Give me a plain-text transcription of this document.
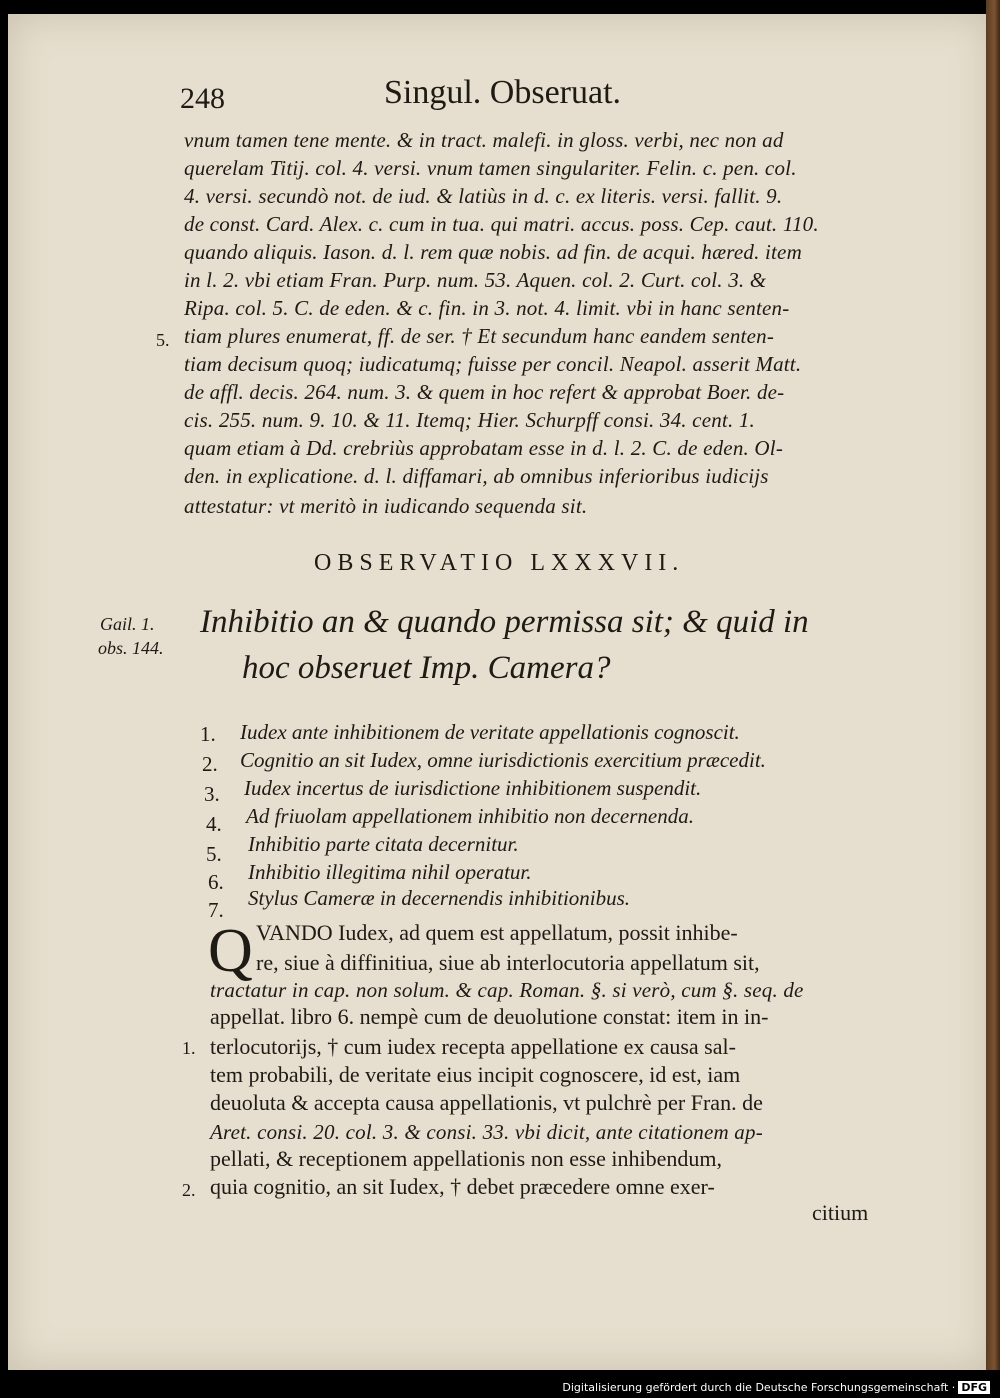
248	Singul. Obseruat.
vnum tamen tene mente. & in tract. malefi. in gloss. verbi, nec non ad
querelam Titij. col. 4. versi. vnum tamen singulariter. Felin. c. pen. col.
4. versi. secundò not. de iud. & latiùs in d. c. ex literis. versi. fallit. 9.
de const. Card. Alex. c. cum in tua. qui matri. accus. poss. Cep. caut. 110.
quando aliquis. Iason. d. l. rem quæ nobis. ad fin. de acqui. hæred. item
in l. 2. vbi etiam Fran. Purp. num. 53. Aquen. col. 2. Curt. col. 3. &
Ripa. col. 5. C. de eden. & c. fin. in 3. not. 4. limit. vbi in hanc senten-
tiam plures enumerat, ff. de ser. † Et secundum hanc eandem senten-
tiam decisum quoq; iudicatumq; fuisse per concil. Neapol. asserit Matt.
de affl. decis. 264. num. 3. & quem in hoc refert & approbat Boer. de-
cis. 255. num. 9. 10. & 11. Itemq; Hier. Schurpff consi. 34. cent. 1.
quam etiam à Dd. crebriùs approbatam esse in d. l. 2. C. de eden. Ol-
den. in explicatione. d. l. diffamari, ab omnibus inferioribus iudicijs
attestatur: vt meritò in iudicando sequenda sit.
5.
OBSERVATIO LXXXVII.
Gail. 1.
obs. 144.
Inhibitio an & quando permissa sit; & quid in
hoc obseruet Imp. Camera?
1. Iudex ante inhibitionem de veritate appellationis cognoscit.
2. Cognitio an sit Iudex, omne iurisdictionis exercitium præcedit.
3. Iudex incertus de iurisdictione inhibitionem suspendit.
4. Ad friuolam appellationem inhibitio non decernenda.
5. Inhibitio parte citata decernitur.
6. Inhibitio illegitima nihil operatur.
7. Stylus Cameræ in decernendis inhibitionibus.
Q VANDO Iudex, ad quem est appellatum, possit inhibe-
re, siue à diffinitiua, siue ab interlocutoria appellatum sit,
tractatur in cap. non solum. & cap. Roman. §. si verò, cum §. seq. de
appellat. libro 6. nempè cum de deuolutione constat: item in in-
terlocutorijs, † cum iudex recepta appellatione ex causa sal-
tem probabili, de veritate eius incipit cognoscere, id est, iam
deuoluta & accepta causa appellationis, vt pulchrè per Fran. de
Aret. consi. 20. col. 3. & consi. 33. vbi dicit, ante citationem ap-
pellati, & receptionem appellationis non esse inhibendum,
quia cognitio, an sit Iudex, † debet præcedere omne exer-
citium
1.
2.
Digitalisierung gefördert durch die Deutsche Forschungsgemeinschaft · DFG
